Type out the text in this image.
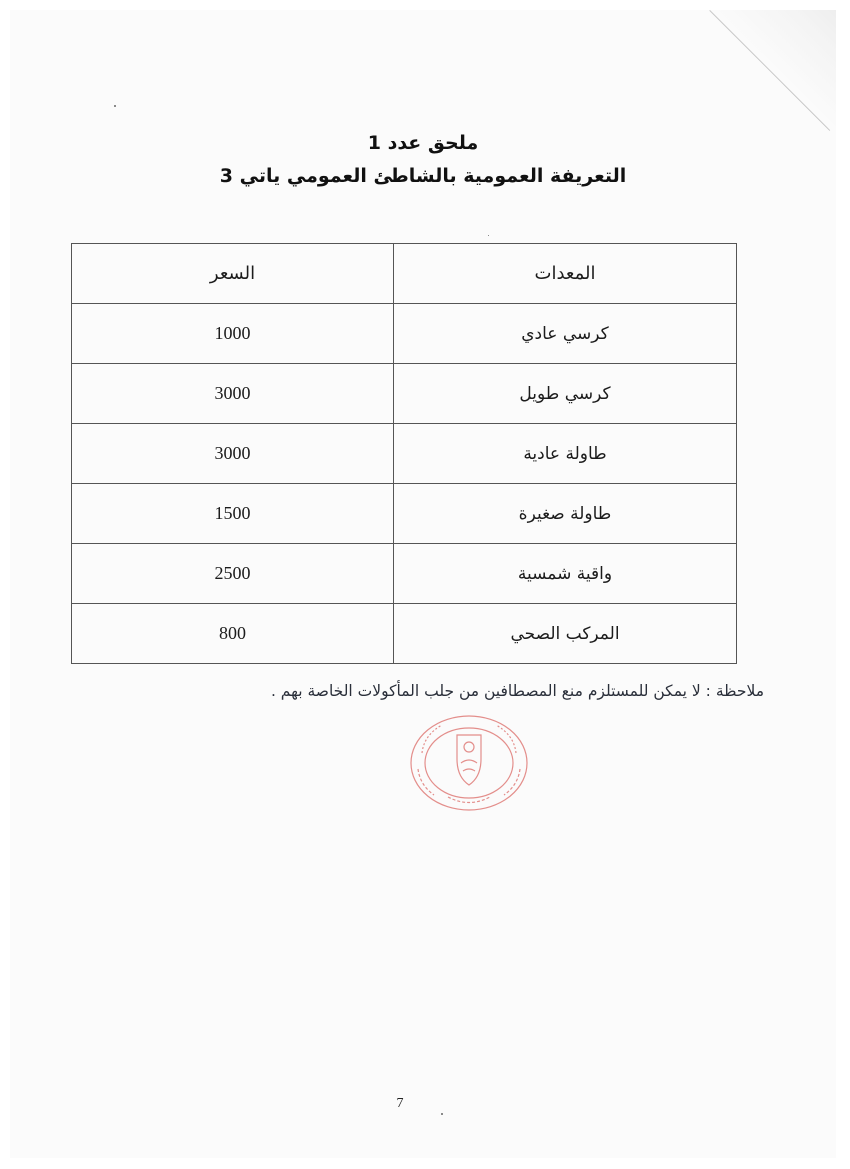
ملحق عدد 1
التعريفة العمومية بالشاطئ العمومي ياتي 3
المعدات	السعر
كرسي عادي	1000
كرسي طويل	3000
طاولة عادية	3000
طاولة صغيرة	1500
واقية شمسية	2500
المركب الصحي	800
ملاحظة : لا يمكن للمستلزم منع المصطافين من جلب المأكولات الخاصة بهم .
7
